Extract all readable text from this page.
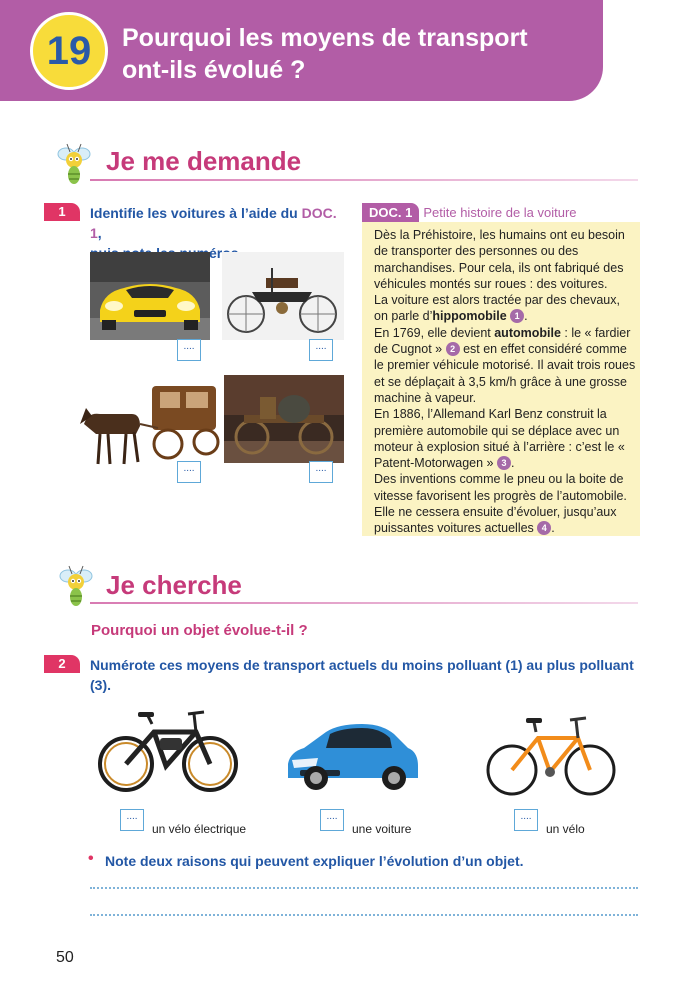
19	Pourquoi les moyens de transport
ont-ils évolué ?
Je me demande
1	Identifie les voitures à l’aide du DOC. 1,

....	....
....	....
DOC. 1 Petite histoire de la voiture
Dès la Préhistoire, les humains ont eu besoin de transporter des personnes ou des marchandises. Pour cela, ils ont fabriqué des véhicules montés sur roues : des voitures.
La voiture est alors tractée par des chevaux, on parle d’hippomobile 1 .
En 1769, elle devient automobile : le « fardier de Cugnot » 2 est en effet considéré comme le premier véhicule motorisé. Il avait trois roues et se déplaçait à 3,5 km/h grâce à une grosse machine à vapeur.
En 1886, l’Allemand Karl Benz construit la première automobile qui se déplace avec un moteur à explosion situé à l’arrière : c’est le « Patent-Motorwagen » 3 .
Des inventions comme le pneu ou la boite de vitesse favorisent les progrès de l’automobile. Elle ne cessera ensuite d’évoluer, jusqu’aux puissantes voitures actuelles 4 .
Je cherche
Pourquoi un objet évolue-t-il ?
2	Numérote ces moyens de transport actuels du moins polluant (1) au plus polluant (3).
....
un vélo électrique
....
une voiture
....
un vélo
• Note deux raisons qui peuvent expliquer l’évolution d’un objet.
50
